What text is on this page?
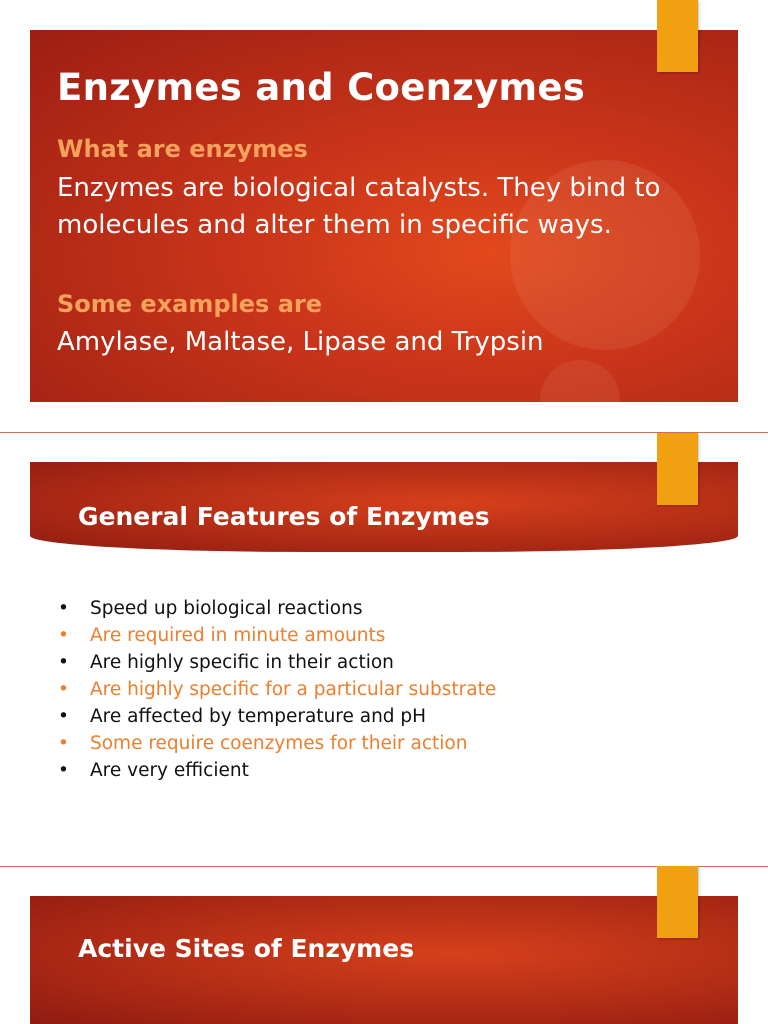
Enzymes and Coenzymes
What are enzymes
Enzymes are biological catalysts. They bind to molecules and alter them in specific ways.
Some examples are
Amylase, Maltase, Lipase and Trypsin
General Features of Enzymes
• Speed up biological reactions
• Are required in minute amounts
• Are highly specific in their action
• Are highly specific for a particular substrate
• Are affected by temperature and pH
• Some require coenzymes for their action
• Are very efficient
Active Sites of Enzymes
